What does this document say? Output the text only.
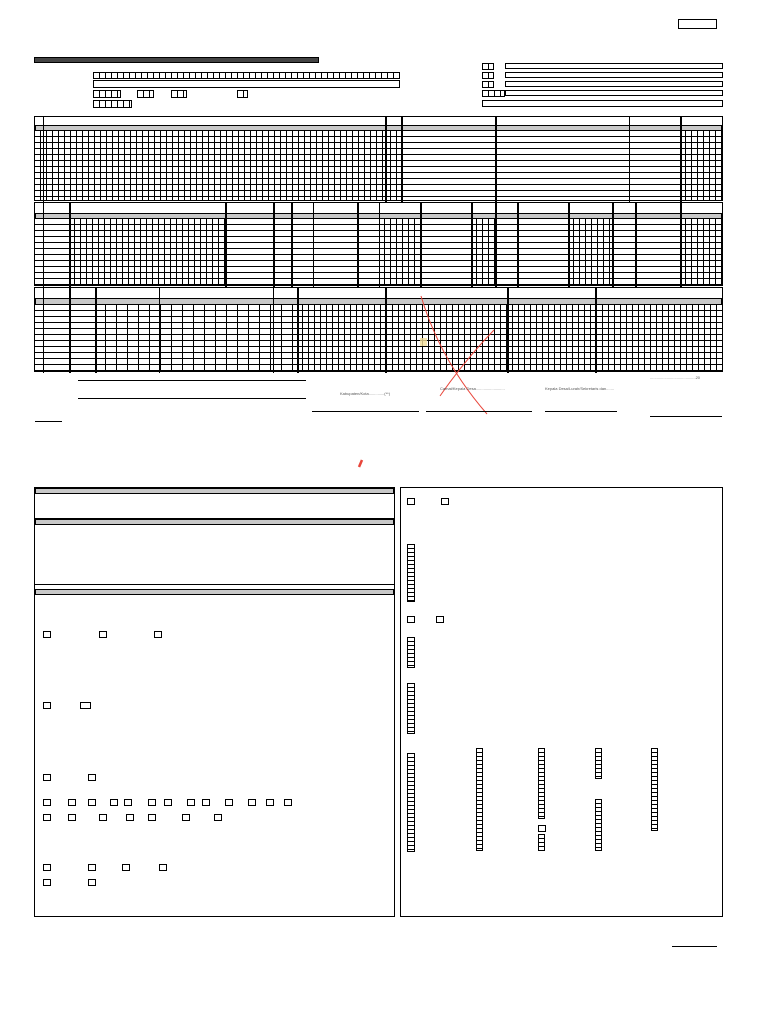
Kabupaten/Kota..............(**)
Camat/Kepala Desa..........................	Kepala Desa/Lurah/Sekretaris dan.......
.........................................20
